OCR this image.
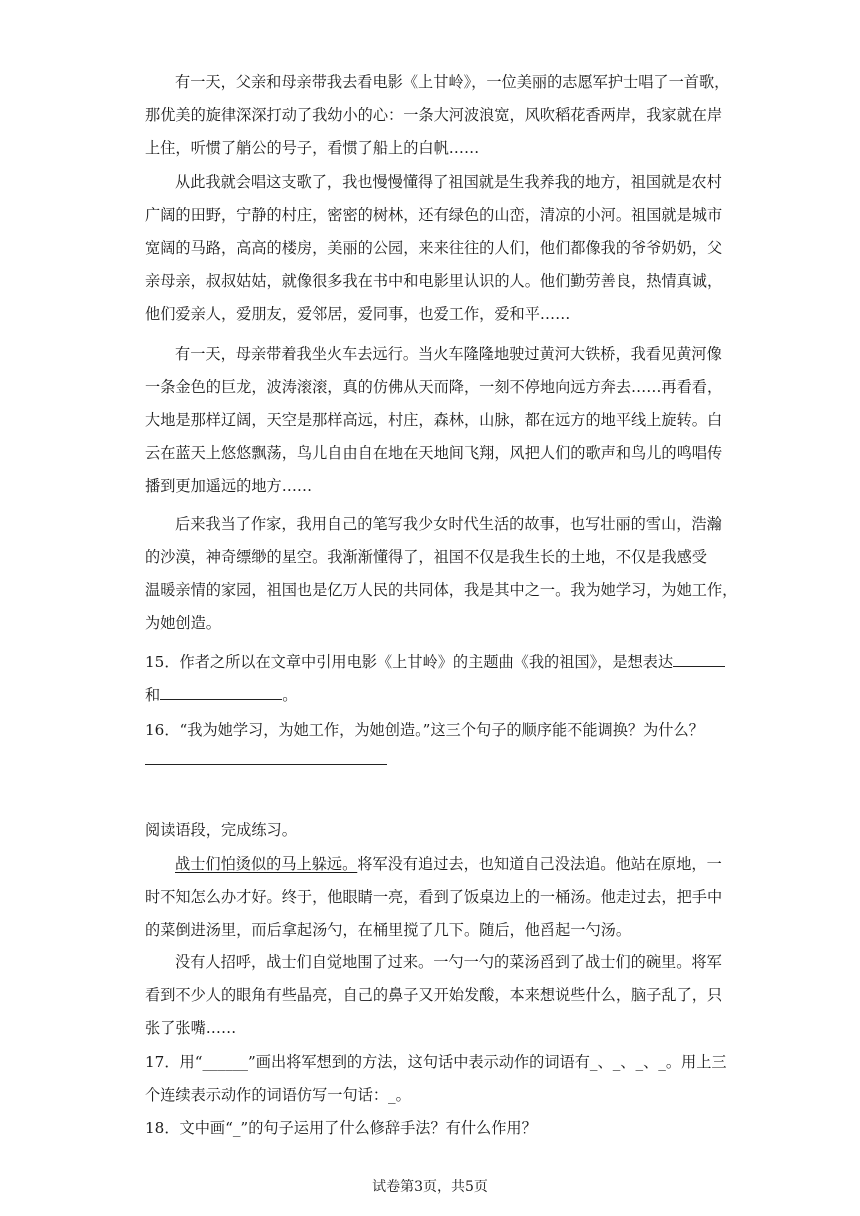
有一天，父亲和母亲带我去看电影《上甘岭》，一位美丽的志愿军护士唱了一首歌，
那优美的旋律深深打动了我幼小的心：一条大河波浪宽，风吹稻花香两岸，我家就在岸
上住，听惯了艄公的号子，看惯了船上的白帆……
从此我就会唱这支歌了，我也慢慢懂得了祖国就是生我养我的地方，祖国就是农村
广阔的田野，宁静的村庄，密密的树林，还有绿色的山峦，清凉的小河。祖国就是城市
宽阔的马路，高高的楼房，美丽的公园，来来往往的人们，他们都像我的爷爷奶奶，父
亲母亲，叔叔姑姑，就像很多我在书中和电影里认识的人。他们勤劳善良，热情真诚，
他们爱亲人，爱朋友，爱邻居，爱同事，也爱工作，爱和平……
有一天，母亲带着我坐火车去远行。当火车隆隆地驶过黄河大铁桥，我看见黄河像
一条金色的巨龙，波涛滚滚，真的仿佛从天而降，一刻不停地向远方奔去……再看看，
大地是那样辽阔，天空是那样高远，村庄，森林，山脉，都在远方的地平线上旋转。白
云在蓝天上悠悠飘荡，鸟儿自由自在地在天地间飞翔，风把人们的歌声和鸟儿的鸣唱传
播到更加遥远的地方……
后来我当了作家，我用自己的笔写我少女时代生活的故事，也写壮丽的雪山，浩瀚
的沙漠，神奇缥缈的星空。我渐渐懂得了，祖国不仅是我生长的土地，不仅是我感受
温暖亲情的家园，祖国也是亿万人民的共同体，我是其中之一。我为她学习，为她工作，
为她创造。
15．作者之所以在文章中引用电影《上甘岭》的主题曲《我的祖国》，是想表达
和	。
16．“我为她学习，为她工作，为她创造。”这三个句子的顺序能不能调换？为什么？
阅读语段，完成练习。
战士们怕烫似的马上躲远。将军没有追过去，也知道自己没法追。他站在原地，一
时不知怎么办才好。终于，他眼睛一亮，看到了饭桌边上的一桶汤。他走过去，把手中
的菜倒进汤里，而后拿起汤勺，在桶里搅了几下。随后，他舀起一勺汤。
没有人招呼，战士们自觉地围了过来。一勺一勺的菜汤舀到了战士们的碗里。将军
看到不少人的眼角有些晶亮，自己的鼻子又开始发酸，本来想说些什么，脑子乱了，只
张了张嘴……
17．用“______”画出将军想到的方法，这句话中表示动作的词语有_、_、_、_。用上三
个连续表示动作的词语仿写一句话：_。
18．文中画“_”的句子运用了什么修辞手法？有什么作用？
试卷第3页，共5页
